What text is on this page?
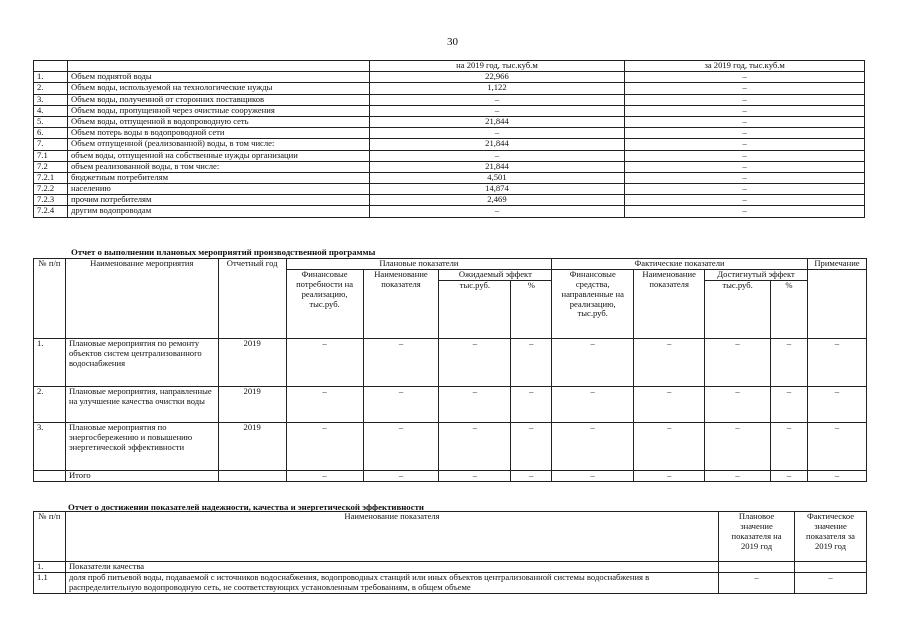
30
		на 2019 год, тыс.куб.м	за 2019 год, тыс.куб.м
1.	Объем поднятой воды	22,966	–
2.	Объем воды, используемой на технологические нужды	1,122	–
3.	Объем воды, полученной от сторонних поставщиков	–	–
4.	Объем воды, пропущенной через очистные сооружения	–	–
5.	Объем воды, отпущенной в водопроводную сеть	21,844	–
6.	Объем потерь воды в водопроводной сети	–	–
7.	Объем отпущенной (реализованной) воды, в том числе:	21,844	–
7.1	объем воды, отпущенной на собственные нужды организации	–	–
7.2	объем реализованной воды, в том числе:	21,844	–
7.2.1	бюджетным потребителям	4,501	–
7.2.2	населению	14,874	–
7.2.3	прочим потребителям	2,469	–
7.2.4	другим водопроводам	–	–
Отчет о выполнении плановых мероприятий производственной программы
№ п/п	Наименование мероприятия	Отчетный год	Плановые показатели				Фактические показатели				Примечание
			Финансовые потребности на реализацию, тыс.руб.	Наименование показателя	Ожидаемый эффект		Финансовые средства, направленные на реализацию, тыс.руб.	Наименование показателя	Достигнутый эффект		
					тыс.руб.	%			тыс.руб.	%	
1.	Плановые мероприятия по ремонту объектов систем централизованного водоснабжения	2019	–	–	–	–	–	–	–	–	–
2.	Плановые мероприятия, направленные на улучшение качества очистки воды	2019	–	–	–	–	–	–	–	–	–
3.	Плановые мероприятия по энергосбережению и повышению энергетической эффективности	2019	–	–	–	–	–	–	–	–	–
	Итого		–	–	–	–	–	–	–	–	–
Отчет о достижении показателей надежности, качества и энергетической эффективности
№ п/п	Наименование показателя	Плановое значение показателя на 2019 год	Фактическое значение показателя за 2019 год
1.	Показатели качества		
1.1	доля проб питьевой воды, подаваемой с источников водоснабжения, водопроводных станций или иных объектов централизованной системы водоснабжения в распределительную водопроводную сеть, не соответствующих установленным требованиям, в общем объеме	–	–
